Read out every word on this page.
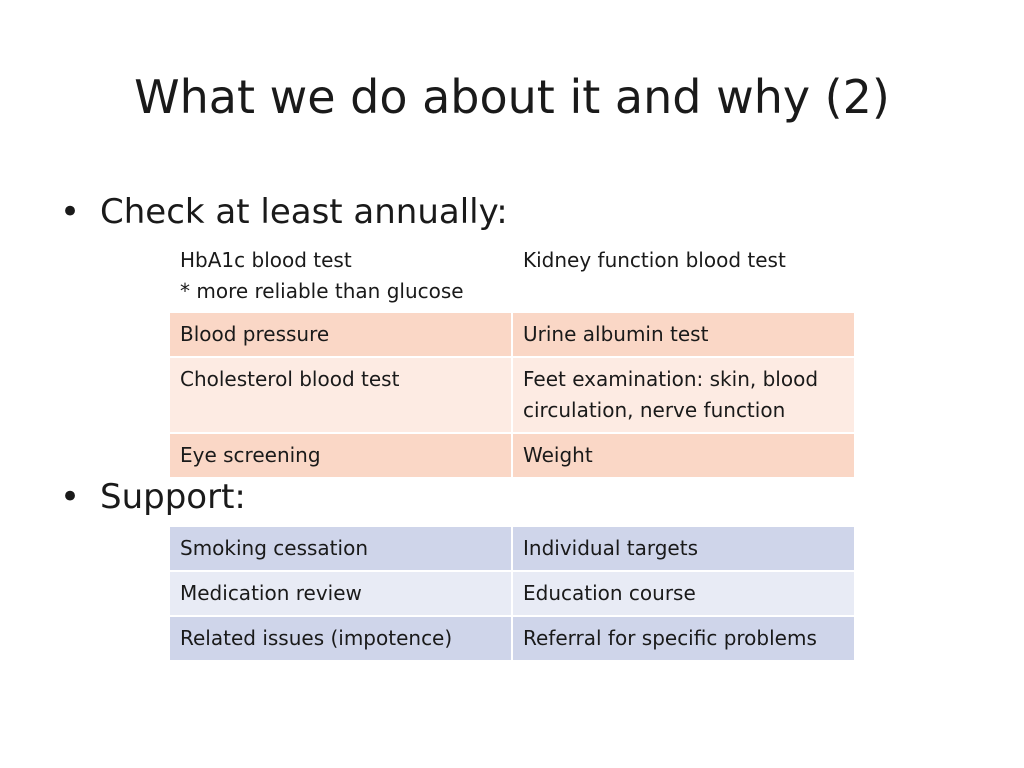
What we do about it and why (2)
• Check at least annually:
HbA1c blood test
* more reliable than glucose	Kidney function blood test

Blood pressure	Urine albumin test
Cholesterol blood test	Feet examination: skin, blood
circulation, nerve function

Eye screening	Weight
• Support:
Smoking cessation	Individual targets
Medication review	Education course
Related issues (impotence)	Referral for specific problems
